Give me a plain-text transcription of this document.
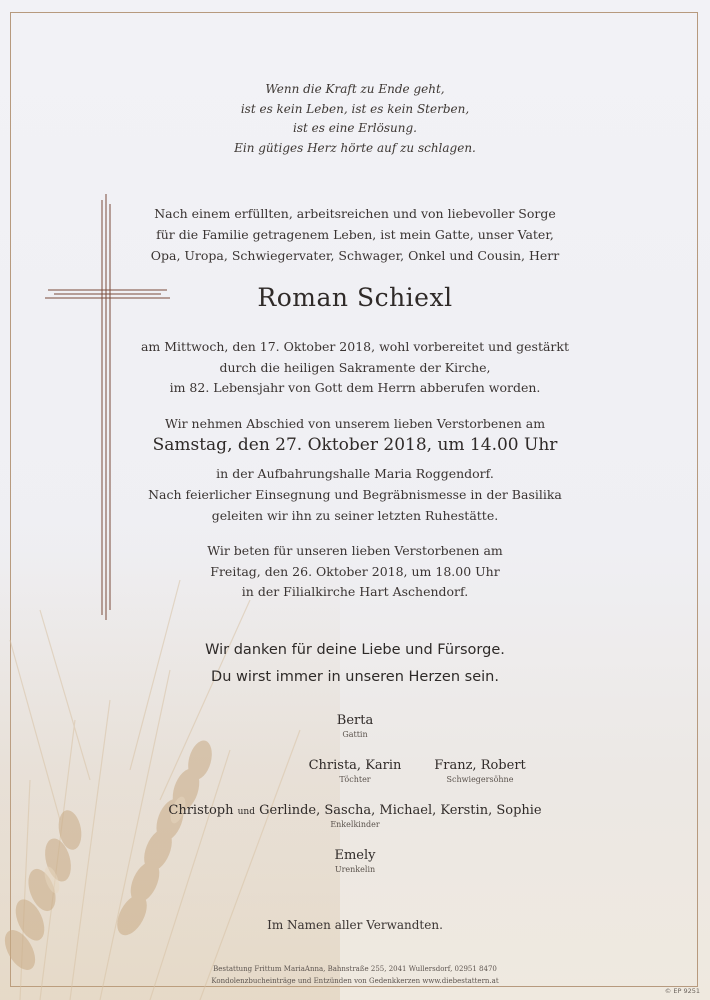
Wenn die Kraft zu Ende geht,
ist es kein Leben, ist es kein Sterben,
ist es eine Erlösung.
Ein gütiges Herz hörte auf zu schlagen.
Nach einem erfüllten, arbeitsreichen und von liebevoller Sorge
für die Familie getragenem Leben, ist mein Gatte, unser Vater,
Opa, Uropa, Schwiegervater, Schwager, Onkel und Cousin, Herr
Roman Schiexl
am Mittwoch, den 17. Oktober 2018, wohl vorbereitet und gestärkt
durch die heiligen Sakramente der Kirche,
im 82. Lebensjahr von Gott dem Herrn abberufen worden.
Wir nehmen Abschied von unserem lieben Verstorbenen am
Samstag, den 27. Oktober 2018, um 14.00 Uhr
in der Aufbahrungshalle Maria Roggendorf.
Nach feierlicher Einsegnung und Begräbnismesse in der Basilika
geleiten wir ihn zu seiner letzten Ruhestätte.
Wir beten für unseren lieben Verstorbenen am
Freitag, den 26. Oktober 2018, um 18.00 Uhr
in der Filialkirche Hart Aschendorf.
Wir danken für deine Liebe und Fürsorge.
Du wirst immer in unseren Herzen sein.
Berta
Gattin
Christa, Karin
Töchter
Franz, Robert
Schwiegersöhne
Christoph und Gerlinde, Sascha, Michael, Kerstin, Sophie
Enkelkinder
Emely
Urenkelin
Im Namen aller Verwandten.
Bestattung Frittum MariaAnna, Bahnstraße 255, 2041 Wullersdorf, 02951 8470
Kondolenzbucheinträge und Entzünden von Gedenkkerzen www.diebestattern.at
© EP 9251
